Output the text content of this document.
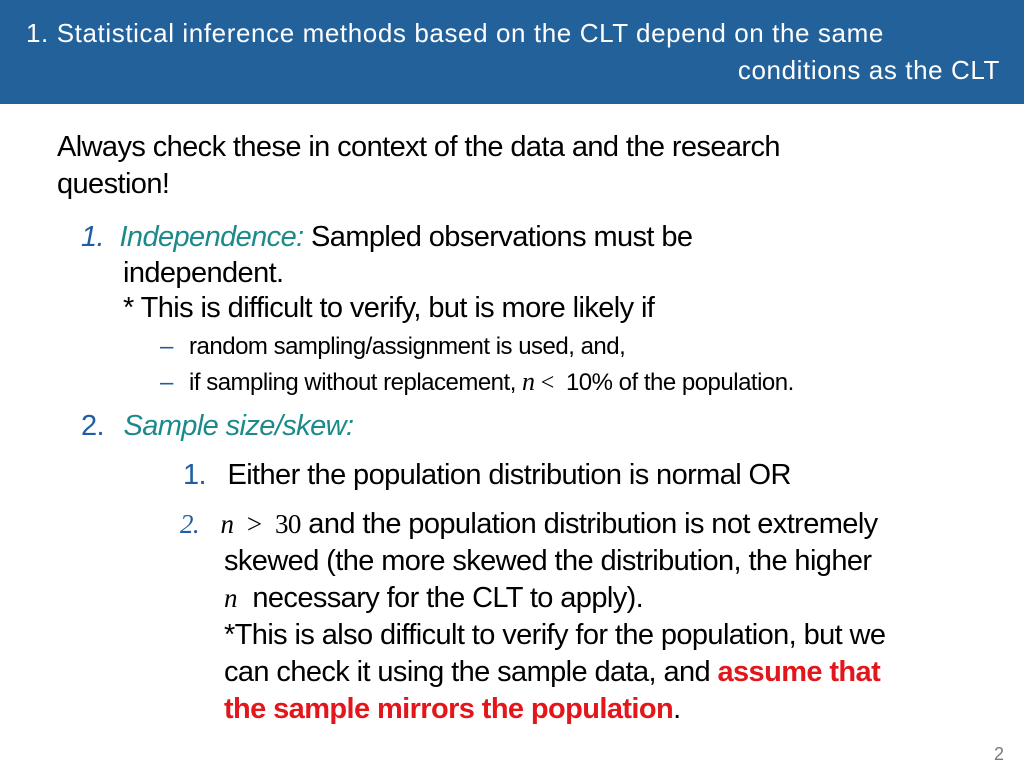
1. Statistical inference methods based on the CLT depend on the same
conditions as the CLT
Always check these in context of the data and the research
question!
1. Independence: Sampled observations must be
independent.
* This is difficult to verify, but is more likely if
– random sampling/assignment is used, and,
– if sampling without replacement, n < 10% of the population.
2. Sample size/skew:
1. Either the population distribution is normal OR
2. n > 30 and the population distribution is not extremely
skewed (the more skewed the distribution, the higher
n necessary for the CLT to apply).
*This is also difficult to verify for the population, but we
can check it using the sample data, and assume that
the sample mirrors the population.
2
